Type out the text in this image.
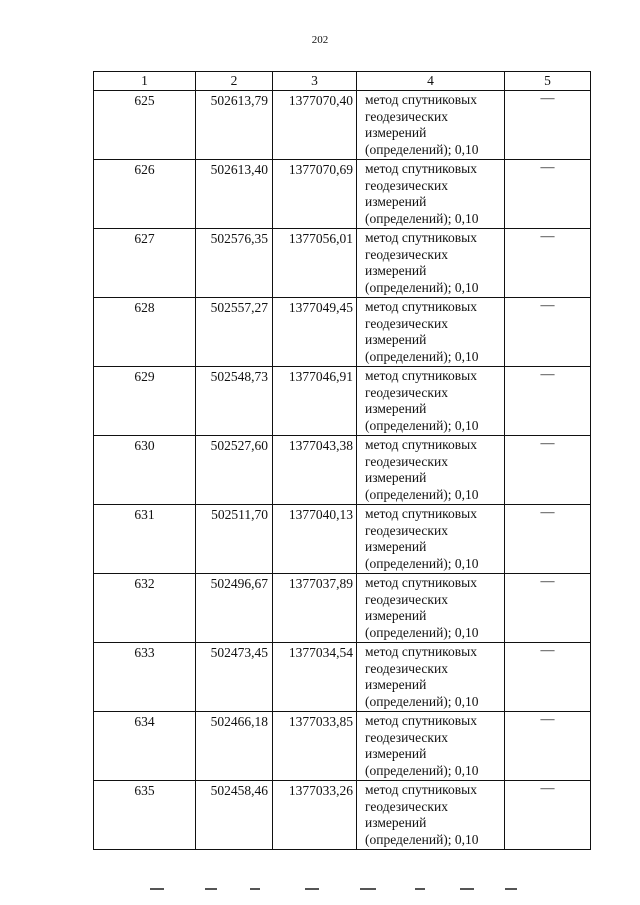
202
1	2	3	4	5
625	502613,79	1377070,40	метод спутниковых
геодезических
измерений
(определений); 0,10	—
626	502613,40	1377070,69	метод спутниковых
геодезических
измерений
(определений); 0,10	—
627	502576,35	1377056,01	метод спутниковых
геодезических
измерений
(определений); 0,10	—
628	502557,27	1377049,45	метод спутниковых
геодезических
измерений
(определений); 0,10	—
629	502548,73	1377046,91	метод спутниковых
геодезических
измерений
(определений); 0,10	—
630	502527,60	1377043,38	метод спутниковых
геодезических
измерений
(определений); 0,10	—
631	502511,70	1377040,13	метод спутниковых
геодезических
измерений
(определений); 0,10	—
632	502496,67	1377037,89	метод спутниковых
геодезических
измерений
(определений); 0,10	—
633	502473,45	1377034,54	метод спутниковых
геодезических
измерений
(определений); 0,10	—
634	502466,18	1377033,85	метод спутниковых
геодезических
измерений
(определений); 0,10	—
635	502458,46	1377033,26	метод спутниковых
геодезических
измерений
(определений); 0,10	—
